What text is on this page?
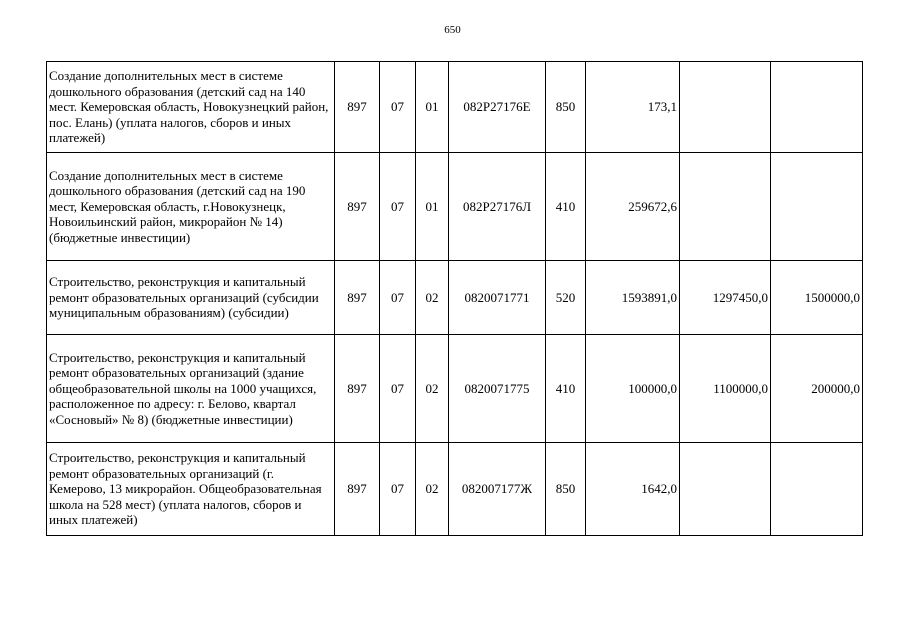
650
Создание дополнительных мест в системе дошкольного образования (детский сад на 140 мест. Кемеровская область, Новокузнецкий район, пос. Елань) (уплата налогов, сборов и иных платежей)	897	07	01	082P27176E	850	173,1		
Создание дополнительных мест в системе дошкольного образования (детский сад на 190 мест, Кемеровская область, г.Новокузнецк, Новоильинский район, микрорайон № 14) (бюджетные инвестиции)	897	07	01	082P27176Л	410	259672,6		
Строительство, реконструкция и капитальный ремонт образовательных организаций (субсидии муниципальным образованиям) (субсидии)	897	07	02	0820071771	520	1593891,0	1297450,0	1500000,0
Строительство, реконструкция и капитальный ремонт образовательных организаций (здание общеобразовательной школы на 1000 учащихся, расположенное по адресу: г. Белово, квартал «Сосновый» № 8) (бюджетные инвестиции)	897	07	02	0820071775	410	100000,0	1100000,0	200000,0
Строительство, реконструкция и капитальный ремонт образовательных организаций (г. Кемерово, 13 микрорайон. Общеобразовательная школа на 528 мест) (уплата налогов, сборов и иных платежей)	897	07	02	082007177Ж	850	1642,0		
